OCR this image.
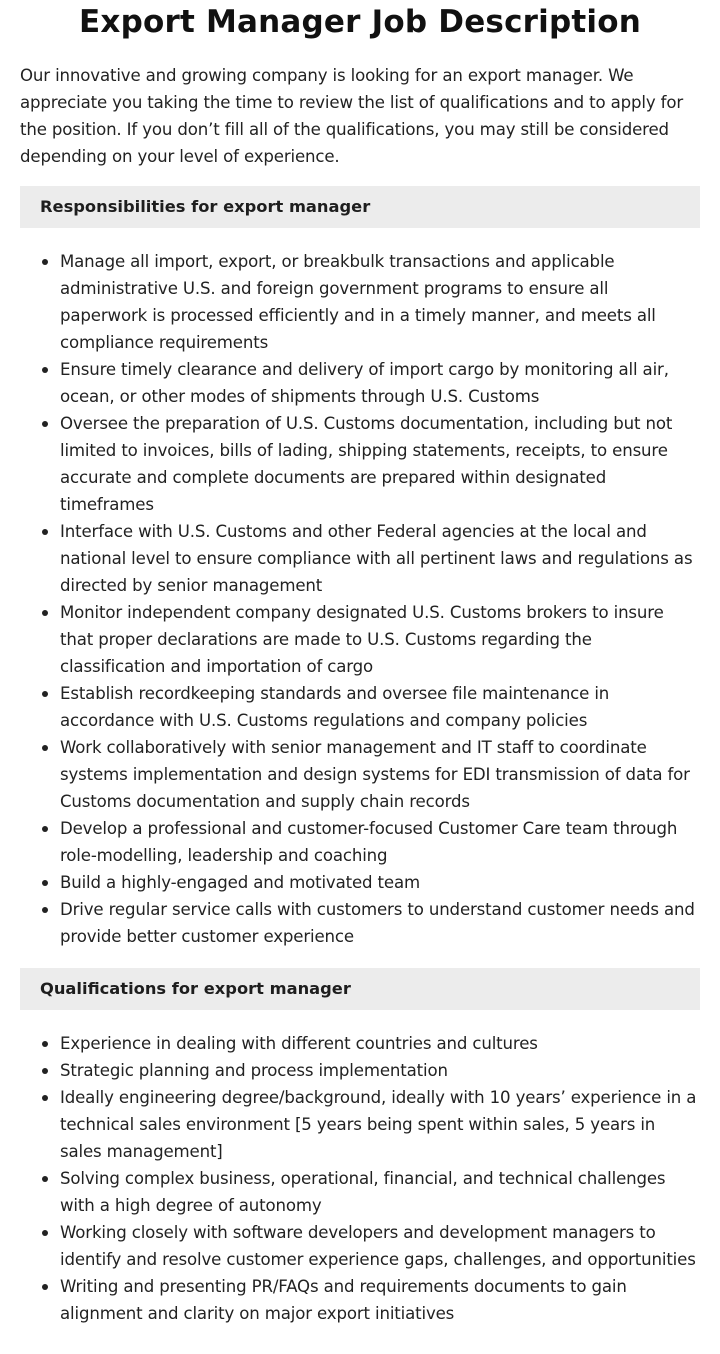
Export Manager Job Description

Our innovative and growing company is looking for an export manager. We appreciate you taking the time to review the list of qualifications and to apply for the position. If you don’t fill all of the qualifications, you may still be considered depending on your level of experience.

Responsibilities for export manager
Manage all import, export, or breakbulk transactions and applicable administrative U.S. and foreign government programs to ensure all paperwork is processed efficiently and in a timely manner, and meets all compliance requirements
Ensure timely clearance and delivery of import cargo by monitoring all air, ocean, or other modes of shipments through U.S. Customs
Oversee the preparation of U.S. Customs documentation, including but not limited to invoices, bills of lading, shipping statements, receipts, to ensure accurate and complete documents are prepared within designated timeframes
Interface with U.S. Customs and other Federal agencies at the local and national level to ensure compliance with all pertinent laws and regulations as directed by senior management
Monitor independent company designated U.S. Customs brokers to insure that proper declarations are made to U.S. Customs regarding the classification and importation of cargo
Establish recordkeeping standards and oversee file maintenance in accordance with U.S. Customs regulations and company policies
Work collaboratively with senior management and IT staff to coordinate systems implementation and design systems for EDI transmission of data for Customs documentation and supply chain records
Develop a professional and customer-focused Customer Care team through role-modelling, leadership and coaching
Build a highly-engaged and motivated team
Drive regular service calls with customers to understand customer needs and provide better customer experience
Qualifications for export manager
Experience in dealing with different countries and cultures
Strategic planning and process implementation
Ideally engineering degree/background, ideally with 10 years’ experience in a technical sales environment [5 years being spent within sales, 5 years in sales management]
Solving complex business, operational, financial, and technical challenges with a high degree of autonomy
Working closely with software developers and development managers to identify and resolve customer experience gaps, challenges, and opportunities
Writing and presenting PR/FAQs and requirements documents to gain alignment and clarity on major export initiatives
